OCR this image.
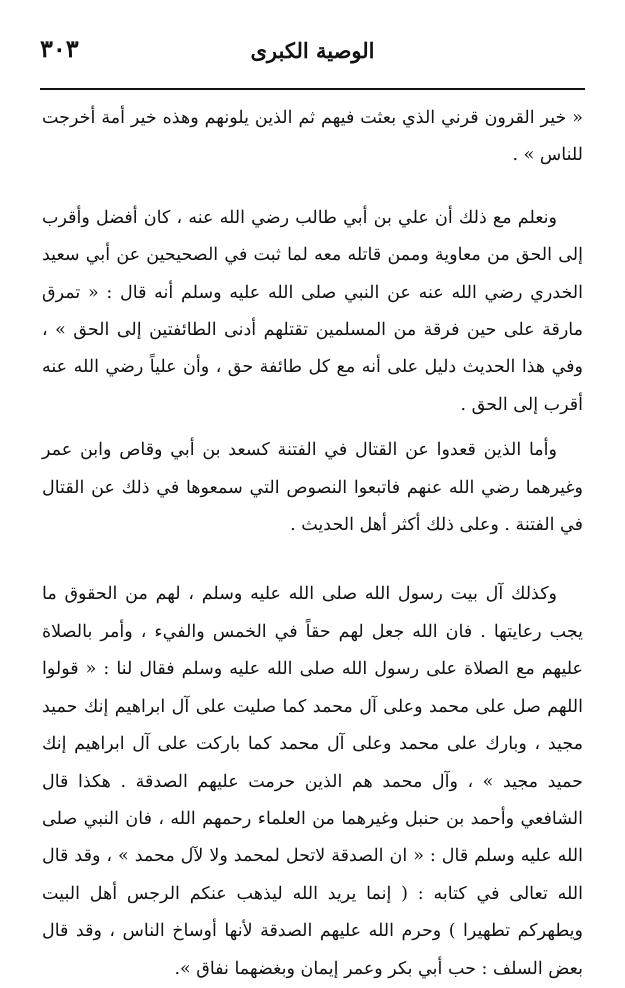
٣٠٣	الوصية الكبرى

« خير القرون قرني الذي بعثت فيهم ثم الذين يلونهم وهذه خير أمة أخرجت للناس » .

ونعلم مع ذلك أن علي بن أبي طالب رضي الله عنه ، كان أفضل وأقرب إلى الحق من معاوية وممن قاتله معه لما ثبت في الصحيحين عن أبي سعيد الخدري رضي الله عنه عن النبي صلى الله عليه وسلم أنه قال : « تمرق مارقة على حين فرقة من المسلمين تقتلهم أدنى الطائفتين إلى الحق » ، وفي هذا الحديث دليل على أنه مع كل طائفة حق ، وأن علياً رضي الله عنه أقرب إلى الحق .

وأما الذين قعدوا عن القتال في الفتنة كسعد بن أبي وقاص وابن عمر وغيرهما رضي الله عنهم فاتبعوا النصوص التي سمعوها في ذلك عن القتال في الفتنة . وعلى ذلك أكثر أهل الحديث .

وكذلك آل بيت رسول الله صلى الله عليه وسلم ، لهم من الحقوق ما يجب رعايتها . فان الله جعل لهم حقاً في الخمس والفيء ، وأمر بالصلاة عليهم مع الصلاة على رسول الله صلى الله عليه وسلم فقال لنا : « قولوا اللهم صل على محمد وعلى آل محمد كما صليت على آل ابراهيم إنك حميد مجيد ، وبارك على محمد وعلى آل محمد كما باركت على آل ابراهيم إنك حميد مجيد » ، وآل محمد هم الذين حرمت عليهم الصدقة . هكذا قال الشافعي وأحمد بن حنبل وغيرهما من العلماء رحمهم الله ، فان النبي صلى الله عليه وسلم قال : « ان الصدقة لاتحل لمحمد ولا لآل محمد » ، وقد قال الله تعالى في كتابه : ( إنما يريد الله ليذهب عنكم الرجس أهل البيت ويطهركم تطهيرا ) وحرم الله عليهم الصدقة لأنها أوساخ الناس ، وقد قال بعض السلف : حب أبي بكر وعمر إيمان وبغضهما نفاق ».
